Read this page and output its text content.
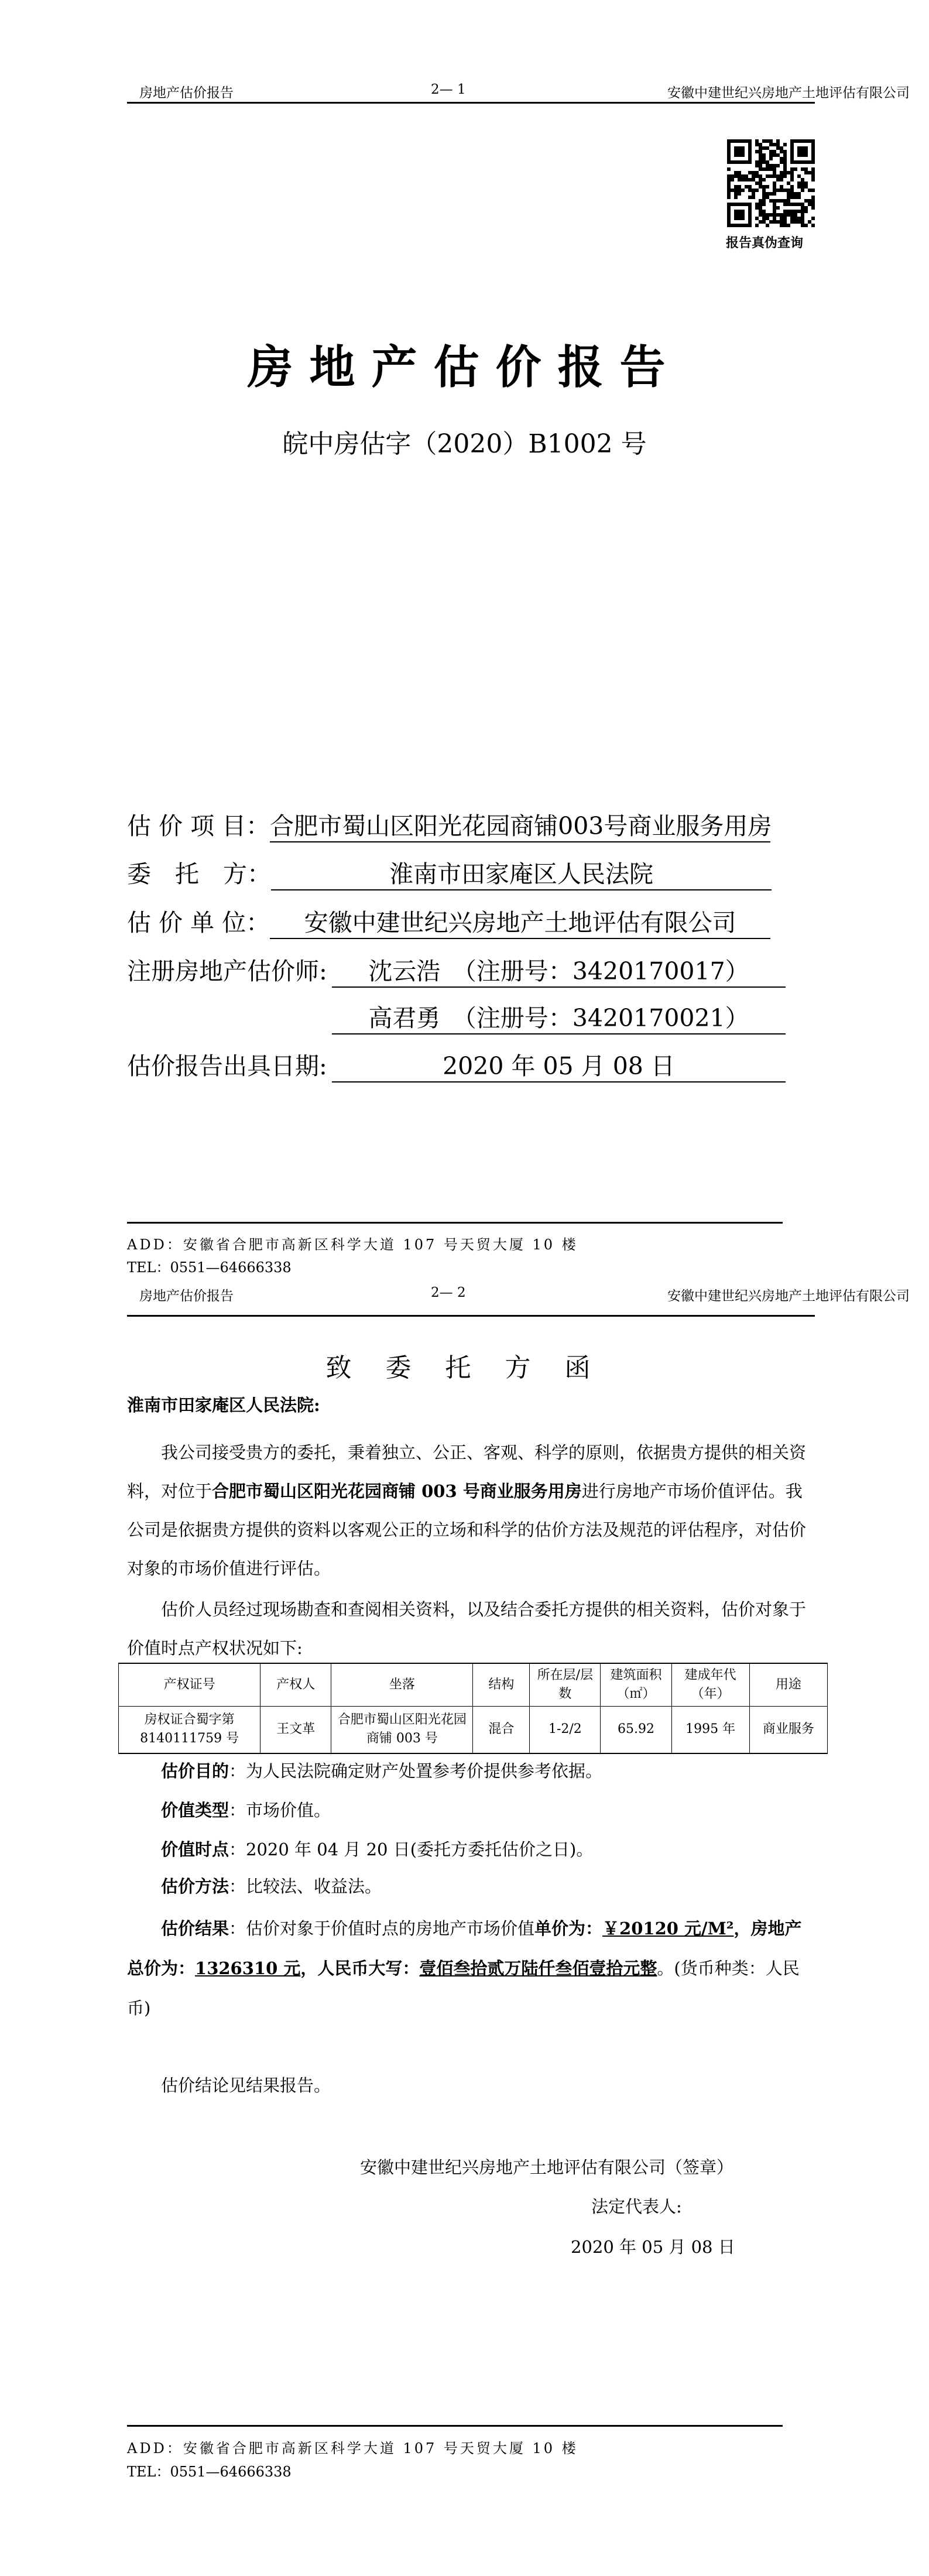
房地产估价报告	2— 1	安徽中建世纪兴房地产土地评估有限公司
报告真伪查询
房地产估价报告
皖中房估字（2020）B1002 号
估 价 项 目：合肥市蜀山区阳光花园商铺003号商业服务用房
委　托　方：	淮南市田家庵区人民法院
估 价 单 位： 安徽中建世纪兴房地产土地评估有限公司
注册房地产估价师: 沈云浩　（注册号：3420170017）
高君勇　（注册号：3420170021）
估价报告出具日期:	2020 年 05 月 08 日
ADD：安徽省合肥市高新区科学大道 107 号天贸大厦 10 楼
TEL：0551—64666338
房地产估价报告	2— 2	安徽中建世纪兴房地产土地评估有限公司
致 委 托 方 函
淮南市田家庵区人民法院:
我公司接受贵方的委托，秉着独立、公正、客观、科学的原则，依据贵方提供的相关资料，对位于合肥市蜀山区阳光花园商铺 003 号商业服务用房进行房地产市场价值评估。我公司是依据贵方提供的资料以客观公正的立场和科学的估价方法及规范的评估程序，对估价对象的市场价值进行评估。
估价人员经过现场勘查和查阅相关资料，以及结合委托方提供的相关资料，估价对象于价值时点产权状况如下:
产权证号	产权人	坐落	结构	所在层/层数	建筑面积（㎡）	建成年代（年）	用途
房权证合蜀字第8140111759 号	王文革	合肥市蜀山区阳光花园商铺 003 号	混合	1-2/2	65.92	1995 年	商业服务
估价目的：为人民法院确定财产处置参考价提供参考依据。
价值类型：市场价值。
价值时点：2020 年 04 月 20 日(委托方委托估价之日)。
估价方法：比较法、收益法。
估价结果：估价对象于价值时点的房地产市场价值单价为：￥20120 元/M²，房地产总价为：1326310 元，人民币大写：壹佰叁拾贰万陆仟叁佰壹拾元整。(货币种类：人民币)
估价结论见结果报告。
安徽中建世纪兴房地产土地评估有限公司（签章）
法定代表人:
2020 年 05 月 08 日
ADD：安徽省合肥市高新区科学大道 107 号天贸大厦 10 楼
TEL：0551—64666338
